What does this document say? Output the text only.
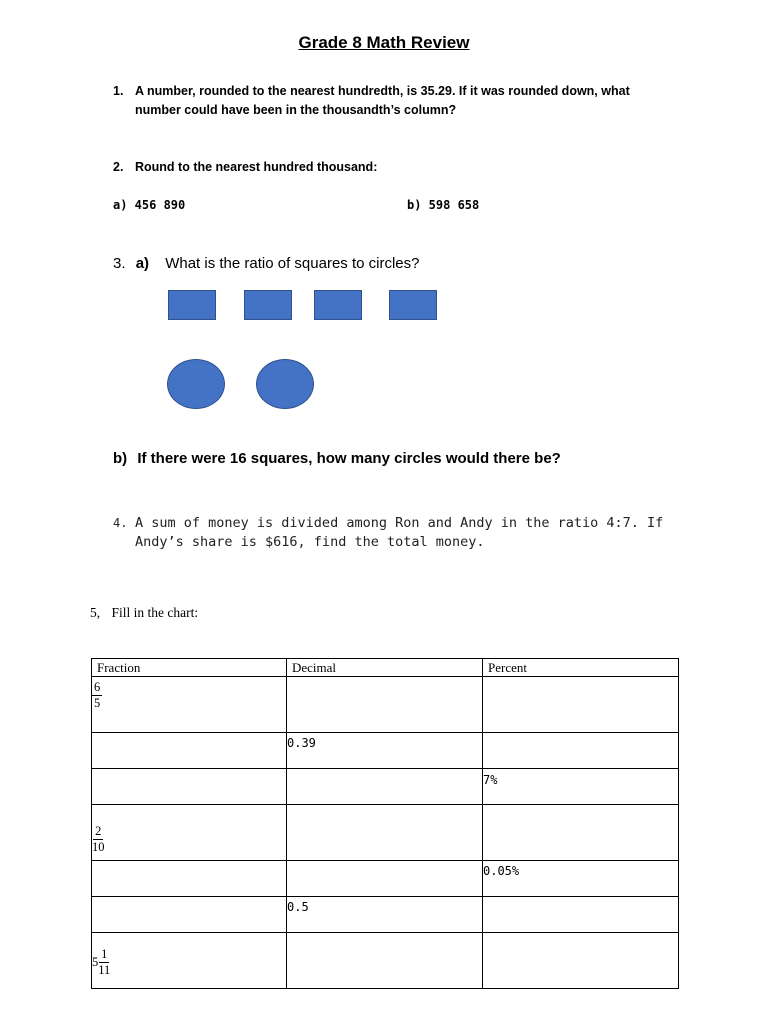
Grade 8 Math Review
1. A number, rounded to the nearest hundredth, is 35.29. If it was rounded down, what
number could have been in the thousandth’s column?
2. Round to the nearest hundred thousand:
a) 456 890	b) 598 658
3. a) What is the ratio of squares to circles?
b) If there were 16 squares, how many circles would there be?
4. A sum of money is divided among Ron and Andy in the ratio 4:7. If
Andy’s share is $616, find the total money.
5, Fill in the chart:
Fraction	Decimal	Percent

$\frac{6}{5}$

	0.39	
		7%

$\frac{2}{10}$

		0.05%
	0.5	
$5 \frac{1}{11}$
